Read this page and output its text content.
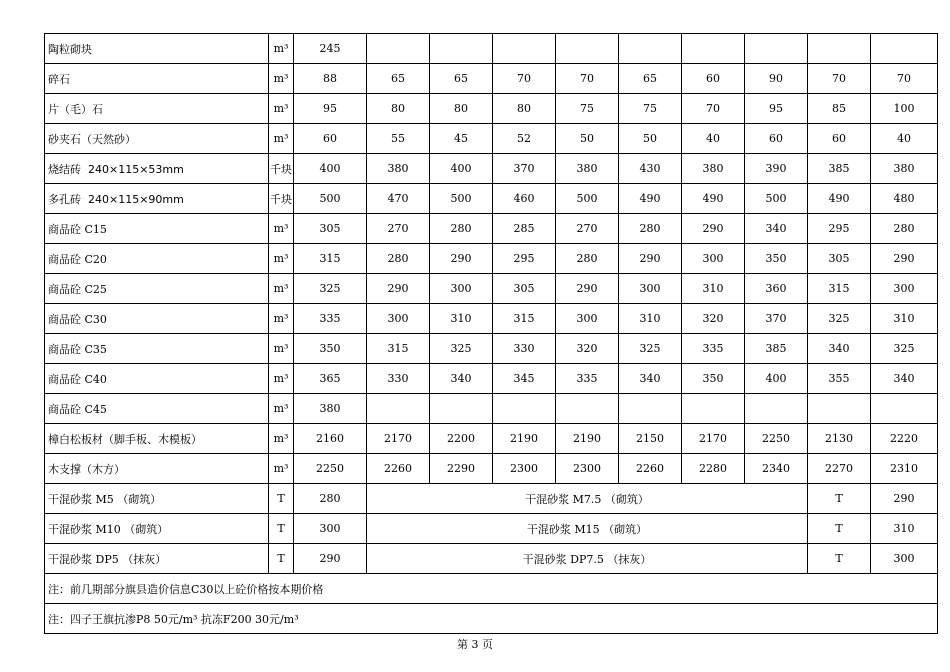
陶粒砌块	m³	245									
碎石	m³	88	65	65	70	70	65	60	90	70	70
片（毛）石	m³	95	80	80	80	75	75	70	95	85	100
砂夹石（天然砂）	m³	60	55	45	52	50	50	40	60	60	40
烧结砖 240×115×53mm	千块	400	380	400	370	380	430	380	390	385	380
多孔砖 240×115×90mm	千块	500	470	500	460	500	490	490	500	490	480
商品砼 C15	m³	305	270	280	285	270	280	290	340	295	280
商品砼 C20	m³	315	280	290	295	280	290	300	350	305	290
商品砼 C25	m³	325	290	300	305	290	300	310	360	315	300
商品砼 C30	m³	335	300	310	315	300	310	320	370	325	310
商品砼 C35	m³	350	315	325	330	320	325	335	385	340	325
商品砼 C40	m³	365	330	340	345	335	340	350	400	355	340
商品砼 C45	m³	380									
樟白松板材（脚手板、木模板）	m³	2160	2170	2200	2190	2190	2150	2170	2250	2130	2220
木支撑（木方）	m³	2250	2260	2290	2300	2300	2260	2280	2340	2270	2310
干混砂浆 M5 （砌筑）	T	280	干混砂浆 M7.5 （砌筑）							T	290
干混砂浆 M10 （砌筑）	T	300	干混砂浆 M15 （砌筑）							T	310
干混砂浆 DP5 （抹灰）	T	290	干混砂浆 DP7.5 （抹灰）							T	300
注：前几期部分旗县造价信息C30以上砼价格按本期价格											
注：四子王旗抗渗P8 50元/m³ 抗冻F200 30元/m³											
第 3 页
